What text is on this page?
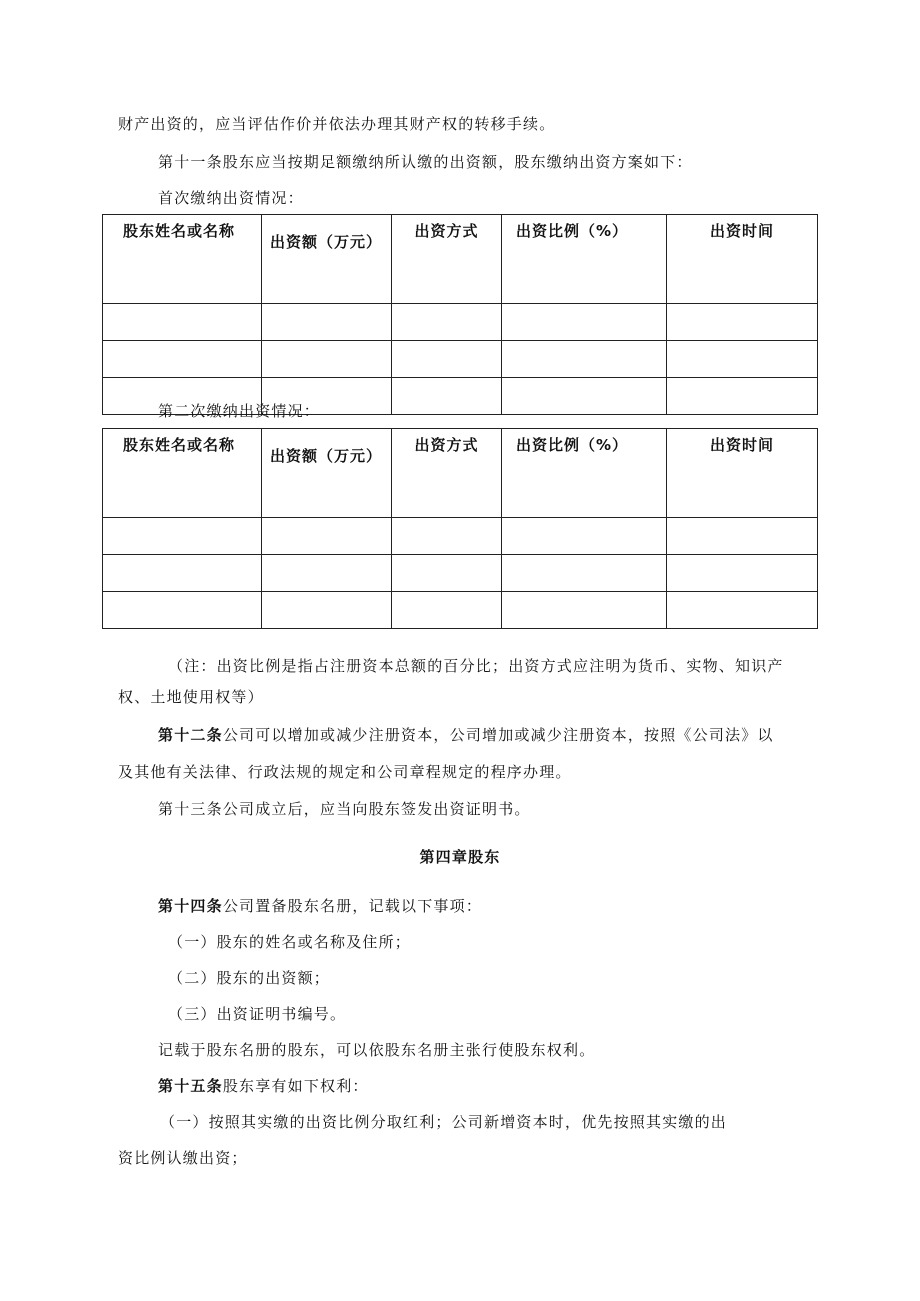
财产出资的，应当评估作价并依法办理其财产权的转移手续。
第十一条股东应当按期足额缴纳所认缴的出资额，股东缴纳出资方案如下：
首次缴纳出资情况：
股东姓名或名称	出资额（万元）	出资方式	出资比例（%）	出资时间

第二次缴纳出资情况：
股东姓名或名称	出资额（万元）	出资方式	出资比例（%）	出资时间

（注：出资比例是指占注册资本总额的百分比；出资方式应注明为货币、实物、知识产
权、土地使用权等）
第十二条公司可以增加或减少注册资本，公司增加或减少注册资本，按照《公司法》以
及其他有关法律、行政法规的规定和公司章程规定的程序办理。
第十三条公司成立后，应当向股东签发出资证明书。
第四章股东
第十四条公司置备股东名册，记载以下事项：
（一）股东的姓名或名称及住所；
（二）股东的出资额；
（三）出资证明书编号。
记载于股东名册的股东，可以依股东名册主张行使股东权利。
第十五条股东享有如下权利：
（一）按照其实缴的出资比例分取红利；公司新增资本时，优先按照其实缴的出
资比例认缴出资；
